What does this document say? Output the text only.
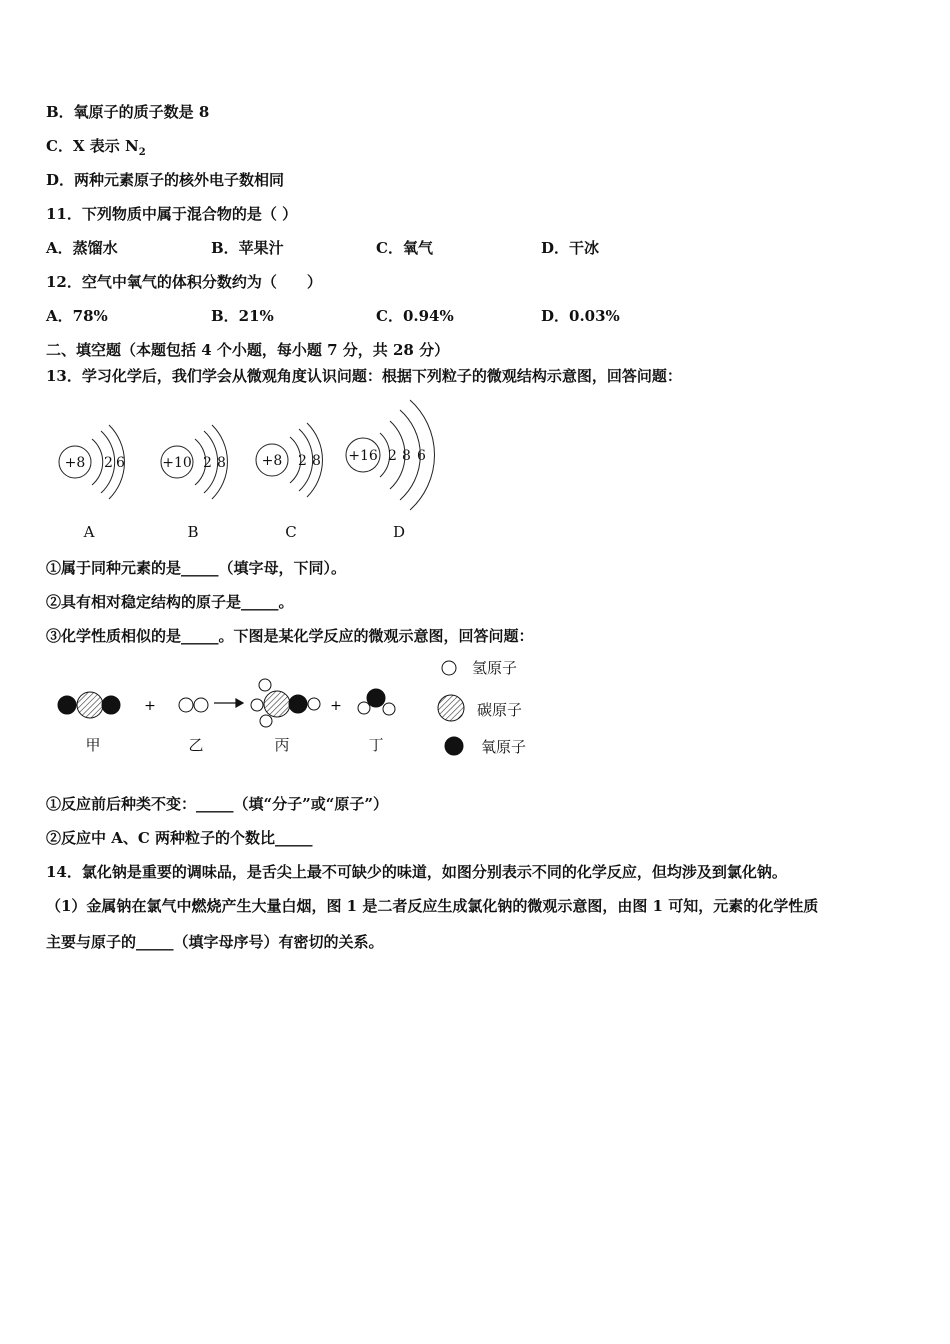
B．氧原子的质子数是 8
C．X 表示 $N_2$
D．两种元素原子的核外电子数相同
11．下列物质中属于混合物的是（ ）
A．蒸馏水	B．苹果汁	C．氧气	D．干冰
12．空气中氧气的体积分数约为（　　）
A．78%	B．21%	C．0.94%	D．0.03%
二、填空题（本题包括 4 个小题，每小题 7 分，共 28 分）
13．学习化学后，我们学会从微观角度认识问题：根据下列粒子的微观结构示意图，回答问题：
+8 2 6	+10 2 8	+8 2 8 +16 2 8 6
A	B	C	D
①属于同种元素的是_____（填字母，下同）。
②具有相对稳定结构的原子是_____。
③化学性质相似的是_____。下图是某化学反应的微观示意图，回答问题：
+	+
甲	乙	丙	丁
氢原子
碳原子
氧原子
①反应前后种类不变：_____（填“分子”或“原子”）
②反应中 A、C 两种粒子的个数比_____
14．氯化钠是重要的调味品，是舌尖上最不可缺少的味道，如图分别表示不同的化学反应，但均涉及到氯化钠。
（1）金属钠在氯气中燃烧产生大量白烟，图 1 是二者反应生成氯化钠的微观示意图，由图 1 可知，元素的化学性质
主要与原子的_____（填字母序号）有密切的关系。
